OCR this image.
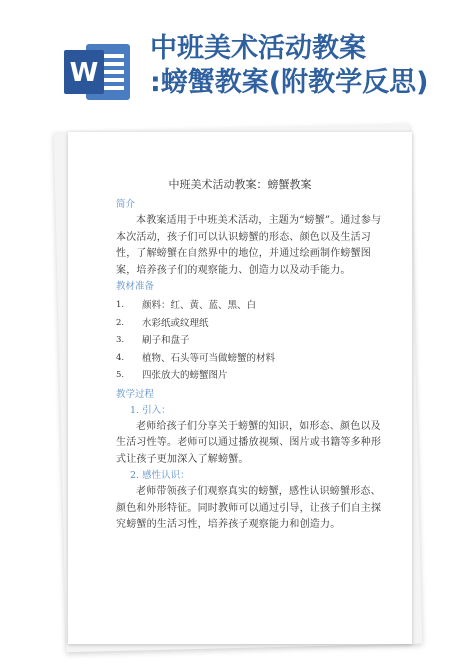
W
中班美术活动教案
:螃蟹教案(附教学反思)
中班美术活动教案：螃蟹教案
简介

本教案适用于中班美术活动，主题为“螃蟹”。通过参与本次活动，孩子们可以认识螃蟹的形态、颜色以及生活习性，了解螃蟹在自然界中的地位，并通过绘画制作螃蟹图案，培养孩子们的观察能力、创造力以及动手能力。

教材准备
1.	颜料：红、黄、蓝、黑、白
2.	水彩纸或纹理纸
3.	刷子和盘子
4.	植物、石头等可当做螃蟹的材料
5.	四张放大的螃蟹图片
教学过程
1. 引入：

老师给孩子们分享关于螃蟹的知识，如形态、颜色以及生活习性等。老师可以通过播放视频、图片或书籍等多种形式让孩子更加深入了解螃蟹。

2. 感性认识：

老师带领孩子们观察真实的螃蟹，感性认识螃蟹形态、颜色和外形特征。同时教师可以通过引导，让孩子们自主探究螃蟹的生活习性，培养孩子观察能力和创造力。
